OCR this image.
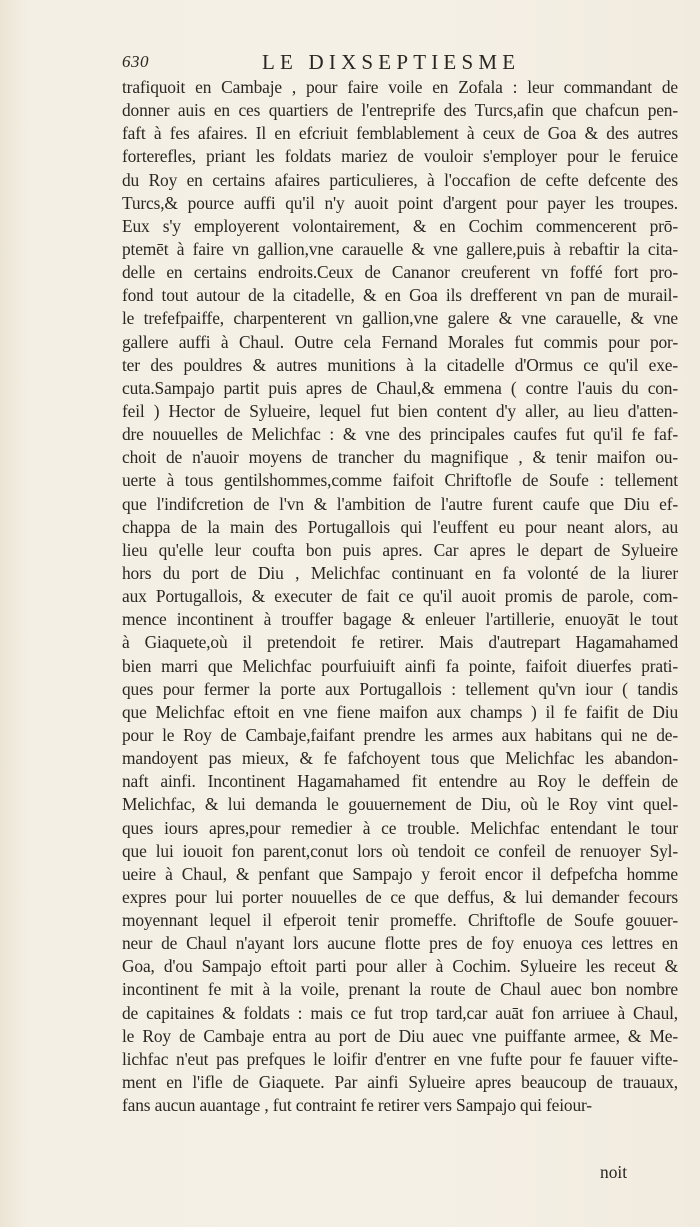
630	LE DIXSEPTIESME
trafiquoit en Cambaje , pour faire voile en Zofala : leur commandant de
donner auis en ces quartiers de l'entreprife des Turcs,afin que chafcun pen-
faft à fes afaires. Il en efcriuit femblablement à ceux de Goa & des autres
forterefles, priant les foldats mariez de vouloir s'employer pour le feruice
du Roy en certains afaires particulieres, à l'occafion de cefte defcente des
Turcs,& pource auffi qu'il n'y auoit point d'argent pour payer les troupes.
Eux s'y employerent volontairement, & en Cochim commencerent prō-
ptemēt à faire vn gallion,vne carauelle & vne gallere,puis à rebaftir la cita-
delle en certains endroits.Ceux de Cananor creuferent vn foffé fort pro-
fond tout autour de la citadelle, & en Goa ils drefferent vn pan de murail-
le trefefpaiffe, charpenterent vn gallion,vne galere & vne carauelle, & vne
gallere auffi à Chaul. Outre cela Fernand Morales fut commis pour por-
ter des pouldres & autres munitions à la citadelle d'Ormus ce qu'il exe-
cuta.Sampajo partit puis apres de Chaul,& emmena ( contre l'auis du con-
feil ) Hector de Sylueire, lequel fut bien content d'y aller, au lieu d'atten-
dre nouuelles de Melichfac : & vne des principales caufes fut qu'il fe faf-
choit de n'auoir moyens de trancher du magnifique , & tenir maifon ou-
uerte à tous gentilshommes,comme faifoit Chriftofle de Soufe : tellement
que l'indifcretion de l'vn & l'ambition de l'autre furent caufe que Diu ef-
chappa de la main des Portugallois qui l'euffent eu pour neant alors, au
lieu qu'elle leur coufta bon puis apres. Car apres le depart de Sylueire
hors du port de Diu , Melichfac continuant en fa volonté de la liurer
aux Portugallois, & executer de fait ce qu'il auoit promis de parole, com-
mence incontinent à trouffer bagage & enleuer l'artillerie, enuoyāt le tout
à Giaquete,où il pretendoit fe retirer. Mais d'autrepart Hagamahamed
bien marri que Melichfac pourfuiuift ainfi fa pointe, faifoit diuerfes prati-
ques pour fermer la porte aux Portugallois : tellement qu'vn iour ( tandis
que Melichfac eftoit en vne fiene maifon aux champs ) il fe faifit de Diu
pour le Roy de Cambaje,faifant prendre les armes aux habitans qui ne de-
mandoyent pas mieux, & fe fafchoyent tous que Melichfac les abandon-
naft ainfi. Incontinent Hagamahamed fit entendre au Roy le deffein de
Melichfac, & lui demanda le gouuernement de Diu, où le Roy vint quel-
ques iours apres,pour remedier à ce trouble. Melichfac entendant le tour
que lui iouoit fon parent,conut lors où tendoit ce confeil de renuoyer Syl-
ueire à Chaul, & penfant que Sampajo y feroit encor il defpefcha homme
expres pour lui porter nouuelles de ce que deffus, & lui demander fecours
moyennant lequel il efperoit tenir promeffe. Chriftofle de Soufe gouuer-
neur de Chaul n'ayant lors aucune flotte pres de foy enuoya ces lettres en
Goa, d'ou Sampajo eftoit parti pour aller à Cochim. Sylueire les receut &
incontinent fe mit à la voile, prenant la route de Chaul auec bon nombre
de capitaines & foldats : mais ce fut trop tard,car auāt fon arriuee à Chaul,
le Roy de Cambaje entra au port de Diu auec vne puiffante armee, & Me-
lichfac n'eut pas prefques le loifir d'entrer en vne fufte pour fe fauuer vifte-
ment en l'ifle de Giaquete. Par ainfi Sylueire apres beaucoup de trauaux,
fans aucun auantage , fut contraint fe retirer vers Sampajo qui feiour-
noit
